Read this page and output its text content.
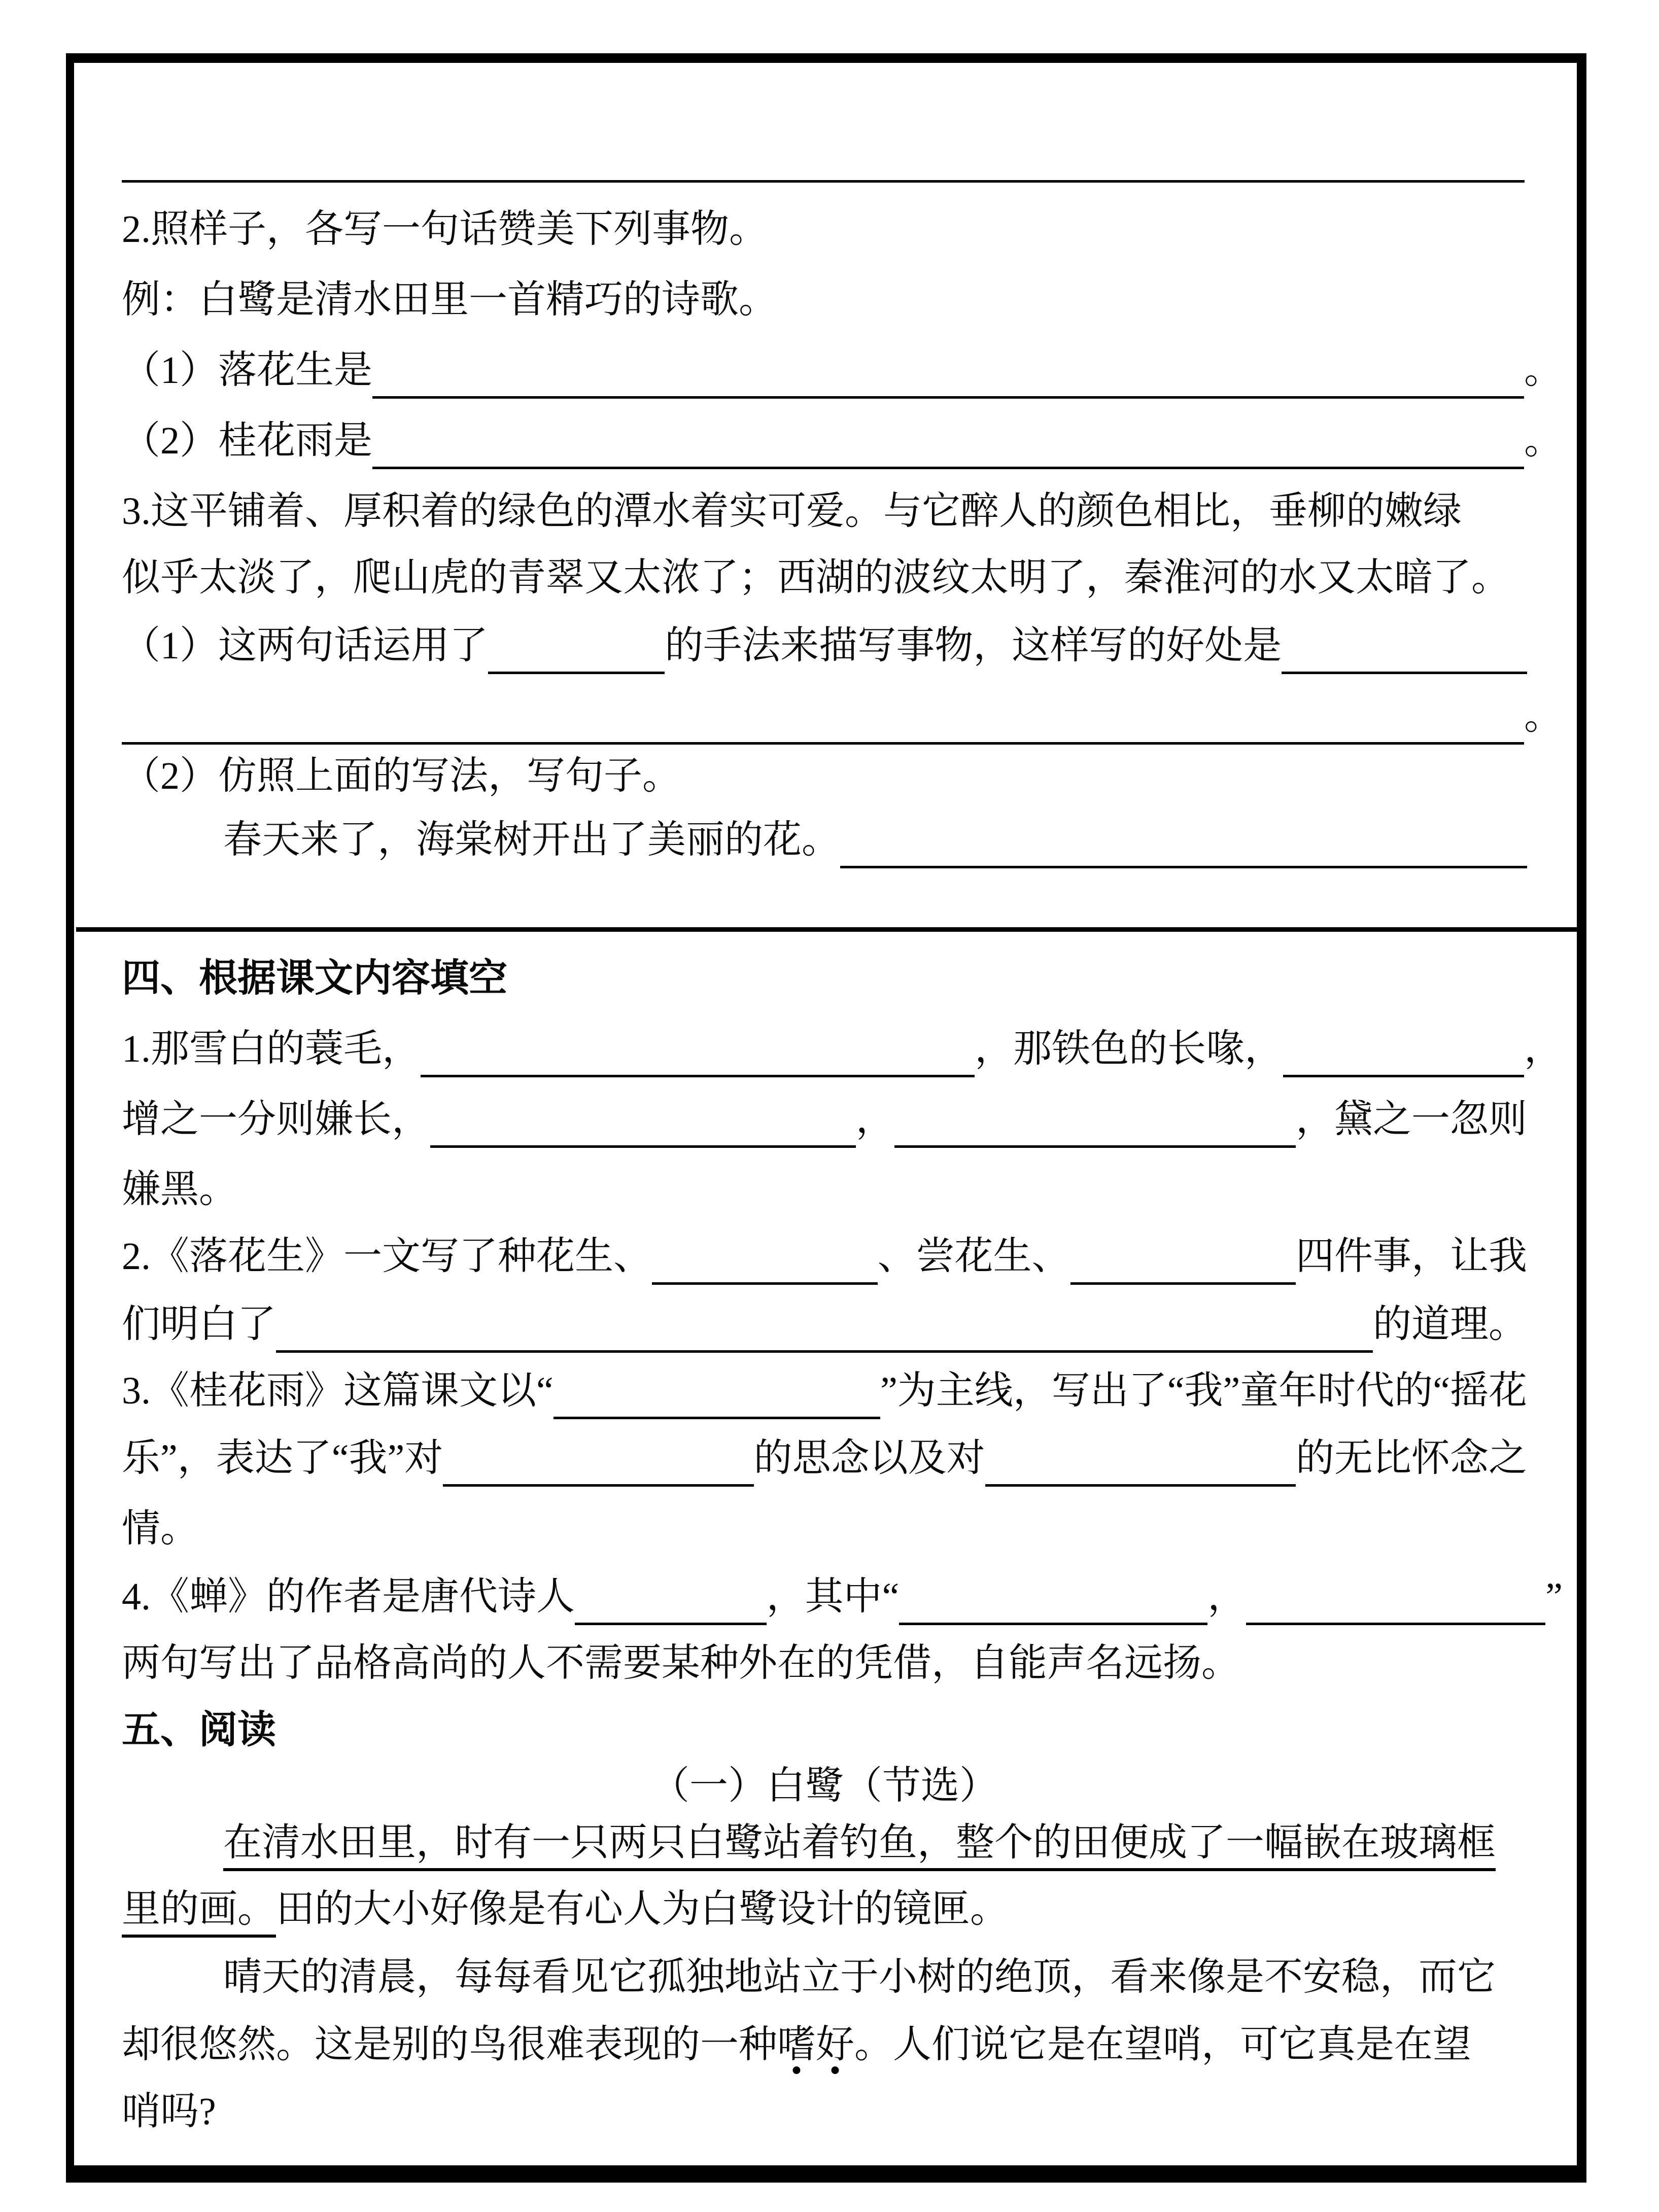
2.照样子，各写一句话赞美下列事物。
例：白鹭是清水田里一首精巧的诗歌。
（1）落花生是	。
（2）桂花雨是	。
3.这平铺着、厚积着的绿色的潭水着实可爱。与它醉人的颜色相比，垂柳的嫩绿
似乎太淡了，爬山虎的青翠又太浓了；西湖的波纹太明了，秦淮河的水又太暗了。
（1）这两句话运用了	的手法来描写事物，这样写的好处是
。
（2）仿照上面的写法，写句子。
春天来了，海棠树开出了美丽的花。
四、根据课文内容填空
1.那雪白的蓑毛，	，那铁色的长喙，	，
增之一分则嫌长，	，	，黛之一忽则
嫌黑。
2.《落花生》一文写了种花生、	、尝花生、	四件事，让我
们明白了	的道理。
3.《桂花雨》这篇课文以“	”为主线，写出了“我”童年时代的“摇花
乐”，表达了“我”对	的思念以及对	的无比怀念之
情。
4.《蝉》的作者是唐代诗人	，其中“	，	”
两句写出了品格高尚的人不需要某种外在的凭借，自能声名远扬。
五、阅读
（一）白鹭（节选）
在清水田里，时有一只两只白鹭站着钓鱼，整个的田便成了一幅嵌在玻璃框
里的画。 田的大小好像是有心人为白鹭设计的镜匣。
晴天的清晨，每每看见它孤独地站立于小树的绝顶，看来像是不安稳，而它
却很悠然。这是别的鸟很难表现的一种 嗜 好 。人们说它是在望哨，可它真是在望
哨吗?
